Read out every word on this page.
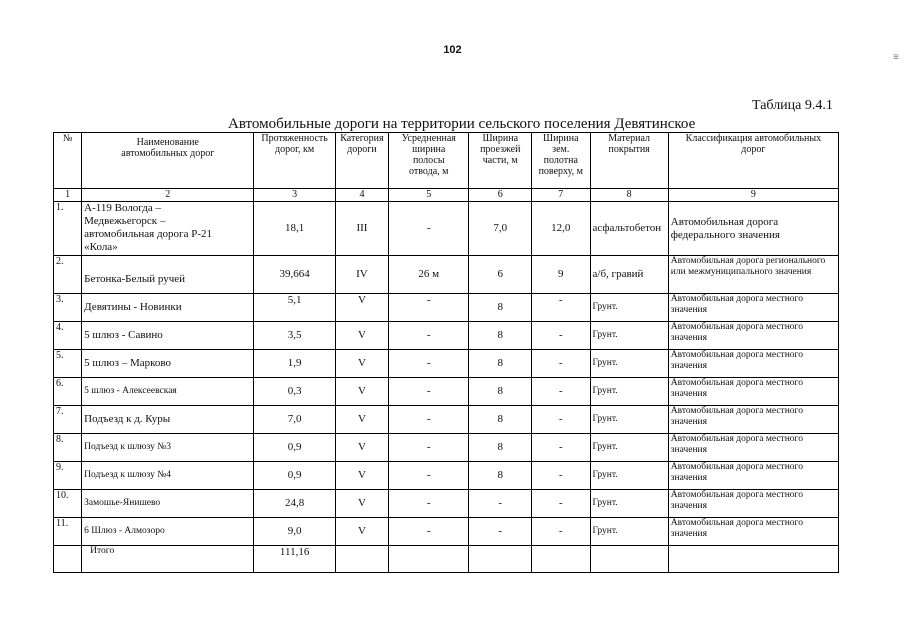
102
≡
Таблица 9.4.1
Автомобильные дороги на территории сельского поселения Девятинское
№	Наименование автомобильных дорог	Протяженность дорог, км	Категория дороги	Усредненная ширина полосы отвода, м	Ширина проезжей части, м	Ширина зем. полотна поверху, м	Материал покрытия	Классификация автомобильных дорог
1	2	3	4	5	6	7	8	9
1.	А-119 Вологда – Медвежьегорск – автомобильная дорога Р-21 «Кола»	18,1	III	-	7,0	12,0	асфальтобетон	Автомобильная дорога федерального значения
2.	Бетонка-Белый ручей	39,664	IV	26 м	6	9	а/б, гравий	Автомобильная дорога регионального или межмуниципального значения
3.	Девятины - Новинки	5,1	V	-	8	-	Грунт.	Автомобильная дорога местного значения
4.	5 шлюз - Савино	3,5	V	-	8	-	Грунт.	Автомобильная дорога местного значения
5.	5 шлюз – Марково	1,9	V	-	8	-	Грунт.	Автомобильная дорога местного значения
6.	5 шлюз - Алексеевская	0,3	V	-	8	-	Грунт.	Автомобильная дорога местного значения
7.	Подъезд к д. Куры	7,0	V	-	8	-	Грунт.	Автомобильная дорога местного значения
8.	Подъезд к шлюзу №3	0,9	V	-	8	-	Грунт.	Автомобильная дорога местного значения
9.	Подъезд к шлюзу №4	0,9	V	-	8	-	Грунт.	Автомобильная дорога местного значения
10.	Замошье-Янишево	24,8	V	-	-	-	Грунт.	Автомобильная дорога местного значения
11.	6 Шлюз - Алмозоро	9,0	V	-	-	-	Грунт.	Автомобильная дорога местного значения
	Итого	111,16						
